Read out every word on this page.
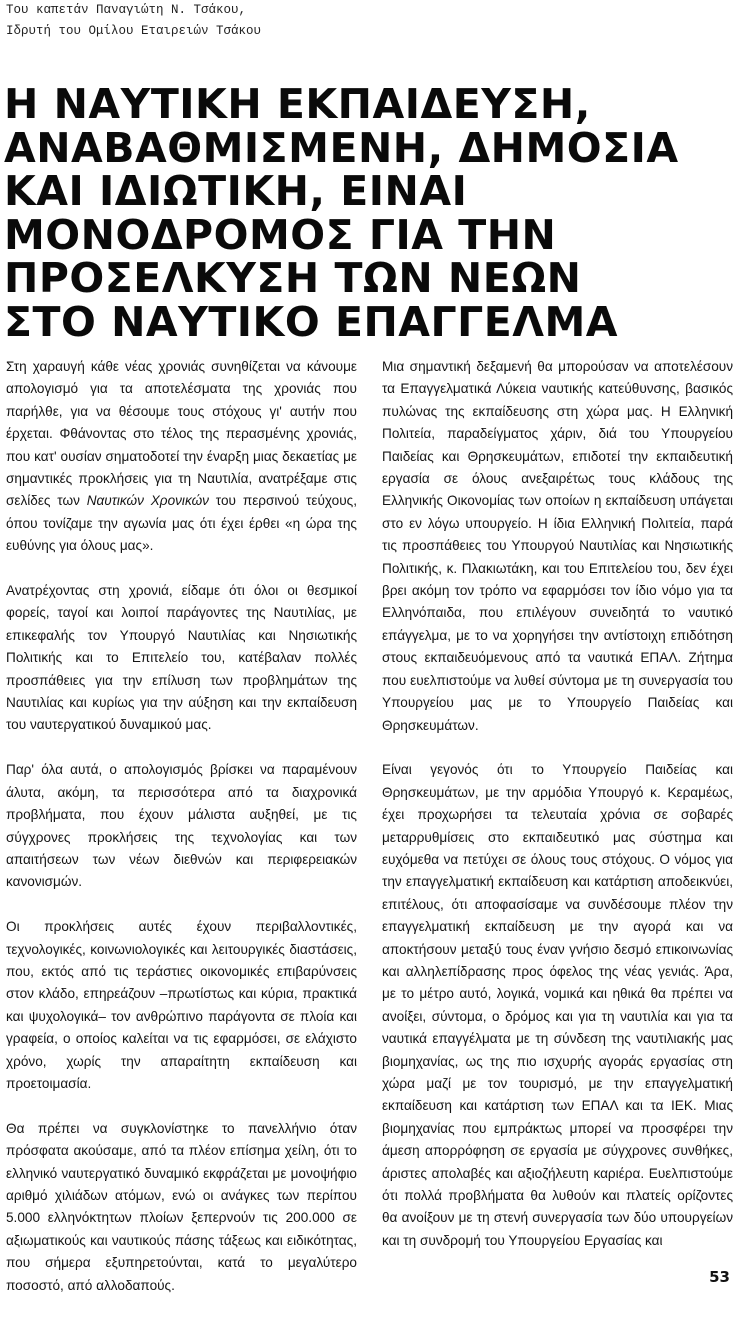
Του καπετάν Παναγιώτη Ν. Τσάκου,
Ιδρυτή του Ομίλου Εταιρειών Τσάκου
Η ΝΑΥΤΙΚΗ ΕΚΠΑΙΔΕΥΣΗ,
ΑΝΑΒΑΘΜΙΣΜΕΝΗ, ΔΗΜΟΣΙΑ
ΚΑΙ ΙΔΙΩΤΙΚΗ, ΕΙΝΑΙ
ΜΟΝΟΔΡΟΜΟΣ ΓΙΑ ΤΗΝ
ΠΡΟΣΕΛΚΥΣΗ ΤΩΝ ΝΕΩΝ
ΣΤΟ ΝΑΥΤΙΚΟ ΕΠΑΓΓΕΛΜΑ

Στη χαραυγή κάθε νέας χρονιάς συνηθίζεται να κάνουμε απολογισμό για τα αποτελέσματα της χρονιάς που παρήλθε, για να θέσουμε τους στόχους γι' αυτήν που έρχεται. Φθάνοντας στο τέλος της περασμένης χρονιάς, που κατ' ουσίαν σηματοδοτεί την έναρξη μιας δεκαετίας με σημαντικές προκλήσεις για τη Ναυτιλία, ανατρέξαμε στις σελίδες των Ναυτικών Χρονικών του περσινού τεύχους, όπου τονίζαμε την αγωνία μας ότι έχει έρθει «η ώρα της ευθύνης για όλους μας».

Ανατρέχοντας στη χρονιά, είδαμε ότι όλοι οι θεσμικοί φορείς, ταγοί και λοιποί παράγοντες της Ναυτιλίας, με επικεφαλής τον Υπουργό Ναυτιλίας και Νησιωτικής Πολιτικής και το Επιτελείο του, κατέβαλαν πολλές προσπάθειες για την επίλυση των προβλημάτων της Ναυτιλίας και κυρίως για την αύξηση και την εκπαίδευση του ναυτεργατικού δυναμικού μας.

Παρ' όλα αυτά, ο απολογισμός βρίσκει να παραμένουν άλυτα, ακόμη, τα περισσότερα από τα διαχρονικά προβλήματα, που έχουν μάλιστα αυξηθεί, με τις σύγχρονες προκλήσεις της τεχνολογίας και των απαιτήσεων των νέων διεθνών και περιφερειακών κανονισμών.

Οι προκλήσεις αυτές έχουν περιβαλλοντικές, τεχνολογικές, κοινωνιολογικές και λειτουργικές διαστάσεις, που, εκτός από τις τεράστιες οικονομικές επιβαρύνσεις στον κλάδο, επηρεάζουν –πρωτίστως και κύρια, πρακτικά και ψυχολογικά– τον ανθρώπινο παράγοντα σε πλοία και γραφεία, ο οποίος καλείται να τις εφαρμόσει, σε ελάχιστο χρόνο, χωρίς την απαραίτητη εκπαίδευση και προετοιμασία.

Θα πρέπει να συγκλονίστηκε το πανελλήνιο όταν πρόσφατα ακούσαμε, από τα πλέον επίσημα χείλη, ότι το ελληνικό ναυτεργατικό δυναμικό εκφράζεται με μονοψήφιο αριθμό χιλιάδων ατόμων, ενώ οι ανάγκες των περίπου 5.000 ελληνόκτητων πλοίων ξεπερνούν τις 200.000 σε αξιωματικούς και ναυτικούς πάσης τάξεως και ειδικότητας, που σήμερα εξυπηρετούνται, κατά το μεγαλύτερο ποσοστό, από αλλοδαπούς.

Μια σημαντική δεξαμενή θα μπορούσαν να αποτελέσουν τα Επαγγελματικά Λύκεια ναυτικής κατεύθυνσης, βασικός πυλώνας της εκπαίδευσης στη χώρα μας. Η Ελληνική Πολιτεία, παραδείγματος χάριν, διά του Υπουργείου Παιδείας και Θρησκευμάτων, επιδοτεί την εκπαιδευτική εργασία σε όλους ανεξαιρέτως τους κλάδους της Ελληνικής Οικονομίας των οποίων η εκπαίδευση υπάγεται στο εν λόγω υπουργείο. Η ίδια Ελληνική Πολιτεία, παρά τις προσπάθειες του Υπουργού Ναυτιλίας και Νησιωτικής Πολιτικής, κ. Πλακιωτάκη, και του Επιτελείου του, δεν έχει βρει ακόμη τον τρόπο να εφαρμόσει τον ίδιο νόμο για τα Ελληνόπαιδα, που επιλέγουν συνειδητά το ναυτικό επάγγελμα, με το να χορηγήσει την αντίστοιχη επιδότηση στους εκπαιδευόμενους από τα ναυτικά ΕΠΑΛ. Ζήτημα που ευελπιστούμε να λυθεί σύντομα με τη συνεργασία του Υπουργείου μας με το Υπουργείο Παιδείας και Θρησκευμάτων.

Είναι γεγονός ότι το Υπουργείο Παιδείας και Θρησκευμάτων, με την αρμόδια Υπουργό κ. Κεραμέως, έχει προχωρήσει τα τελευταία χρόνια σε σοβαρές μεταρρυθμίσεις στο εκπαιδευτικό μας σύστημα και ευχόμεθα να πετύχει σε όλους τους στόχους. Ο νόμος για την επαγγελματική εκπαίδευση και κατάρτιση αποδεικνύει, επιτέλους, ότι αποφασίσαμε να συνδέσουμε πλέον την επαγγελματική εκπαίδευση με την αγορά και να αποκτήσουν μεταξύ τους έναν γνήσιο δεσμό επικοινωνίας και αλληλεπίδρασης προς όφελος της νέας γενιάς. Άρα, με το μέτρο αυτό, λογικά, νομικά και ηθικά θα πρέπει να ανοίξει, σύντομα, ο δρόμος και για τη ναυτιλία και για τα ναυτικά επαγγέλματα με τη σύνδεση της ναυτιλιακής μας βιομηχανίας, ως της πιο ισχυρής αγοράς εργασίας στη χώρα μαζί με τον τουρισμό, με την επαγγελματική εκπαίδευση και κατάρτιση των ΕΠΑΛ και τα ΙΕΚ. Μιας βιομηχανίας που εμπράκτως μπορεί να προσφέρει την άμεση απορρόφηση σε εργασία με σύγχρονες συνθήκες, άριστες απολαβές και αξιοζήλευτη καριέρα. Ευελπιστούμε ότι πολλά προβλήματα θα λυθούν και πλατείς ορίζοντες θα ανοίξουν με τη στενή συνεργασία των δύο υπουργείων και τη συνδρομή του Υπουργείου Εργασίας και

53
